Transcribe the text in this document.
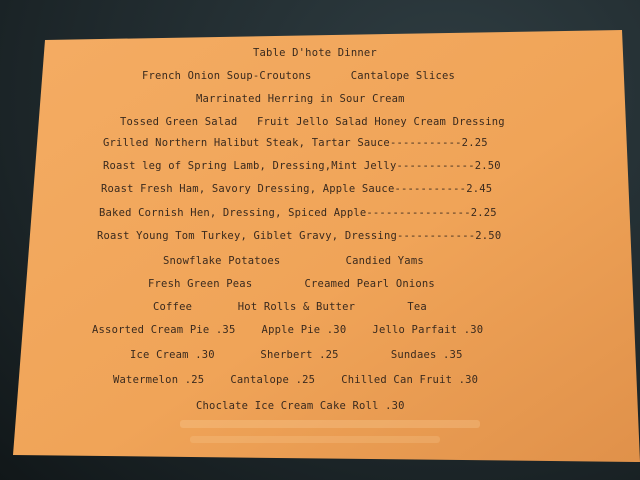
Table D'hote Dinner
French Onion Soup-Croutons      Cantalope Slices
Marrinated Herring in Sour Cream
Tossed Green Salad   Fruit Jello Salad Honey Cream Dressing
Grilled Northern Halibut Steak, Tartar Sauce-----------2.25
Roast leg of Spring Lamb, Dressing,Mint Jelly------------2.50
Roast Fresh Ham, Savory Dressing, Apple Sauce-----------2.45
Baked Cornish Hen, Dressing, Spiced Apple----------------2.25
Roast Young Tom Turkey, Giblet Gravy, Dressing------------2.50
Snowflake Potatoes          Candied Yams
Fresh Green Peas        Creamed Pearl Onions
Coffee       Hot Rolls & Butter        Tea
Assorted Cream Pie .35    Apple Pie .30    Jello Parfait .30
Ice Cream .30       Sherbert .25        Sundaes .35
Watermelon .25    Cantalope .25    Chilled Can Fruit .30
Choclate Ice Cream Cake Roll .30
